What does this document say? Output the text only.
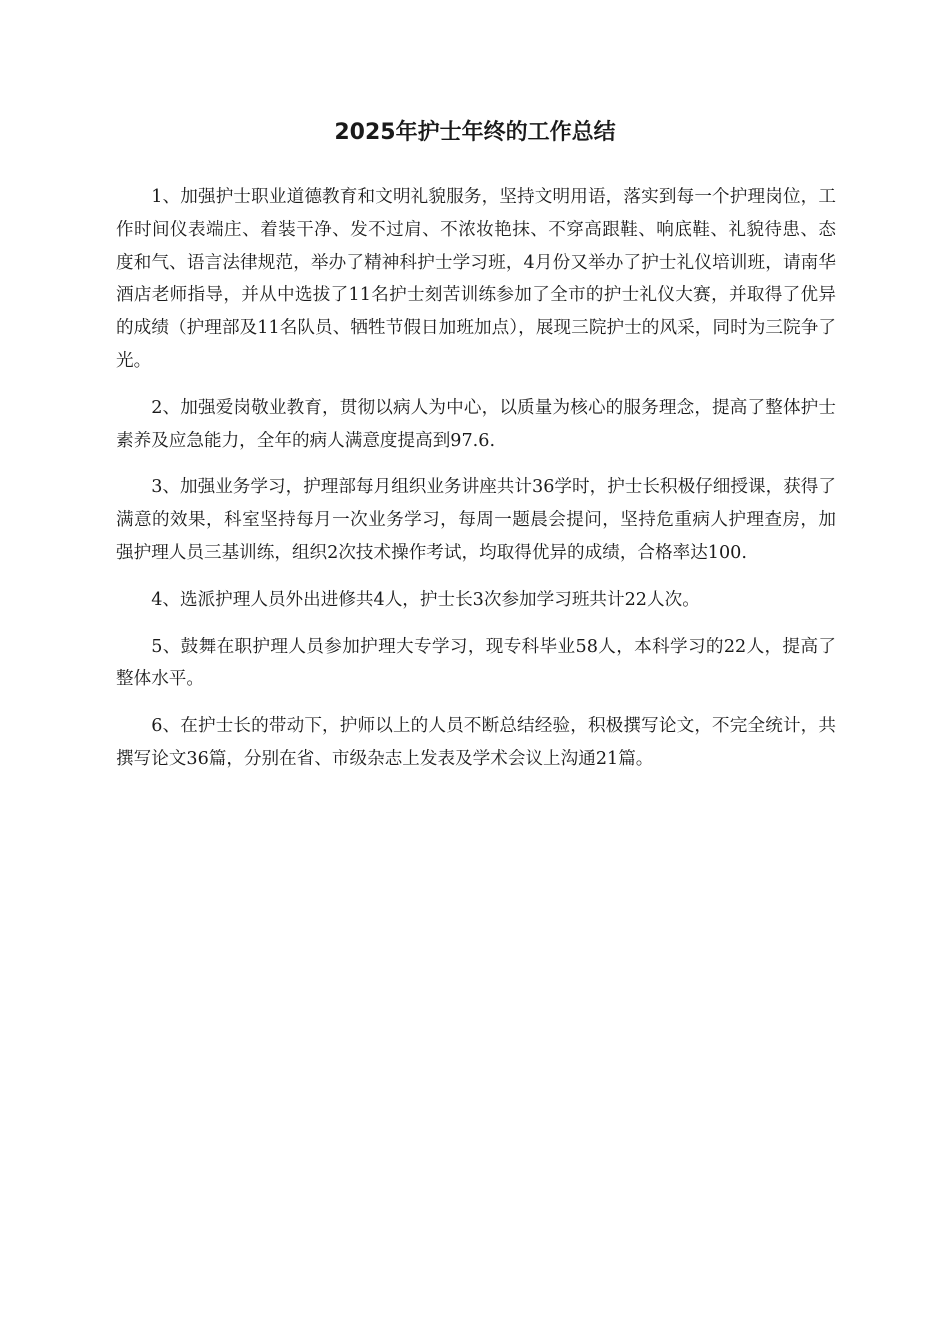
2025年护士年终的工作总结

1、加强护士职业道德教育和文明礼貌服务，坚持文明用语，落实到每一个护理岗位，工作时间仪表端庄、着装干净、发不过肩、不浓妆艳抹、不穿高跟鞋、响底鞋、礼貌待患、态度和气、语言法律规范，举办了精神科护士学习班，4月份又举办了护士礼仪培训班，请南华酒店老师指导，并从中选拔了11名护士刻苦训练参加了全市的护士礼仪大赛，并取得了优异的成绩（护理部及11名队员、牺牲节假日加班加点），展现三院护士的风采，同时为三院争了光。

2、加强爱岗敬业教育，贯彻以病人为中心，以质量为核心的服务理念，提高了整体护士素养及应急能力，全年的病人满意度提高到97.6.

3、加强业务学习，护理部每月组织业务讲座共计36学时，护士长积极仔细授课，获得了满意的效果，科室坚持每月一次业务学习，每周一题晨会提问，坚持危重病人护理查房，加强护理人员三基训练，组织2次技术操作考试，均取得优异的成绩，合格率达100.

4、选派护理人员外出进修共4人，护士长3次参加学习班共计22人次。

5、鼓舞在职护理人员参加护理大专学习，现专科毕业58人，本科学习的22人，提高了整体水平。

6、在护士长的带动下，护师以上的人员不断总结经验，积极撰写论文，不完全统计，共撰写论文36篇，分别在省、市级杂志上发表及学术会议上沟通21篇。
